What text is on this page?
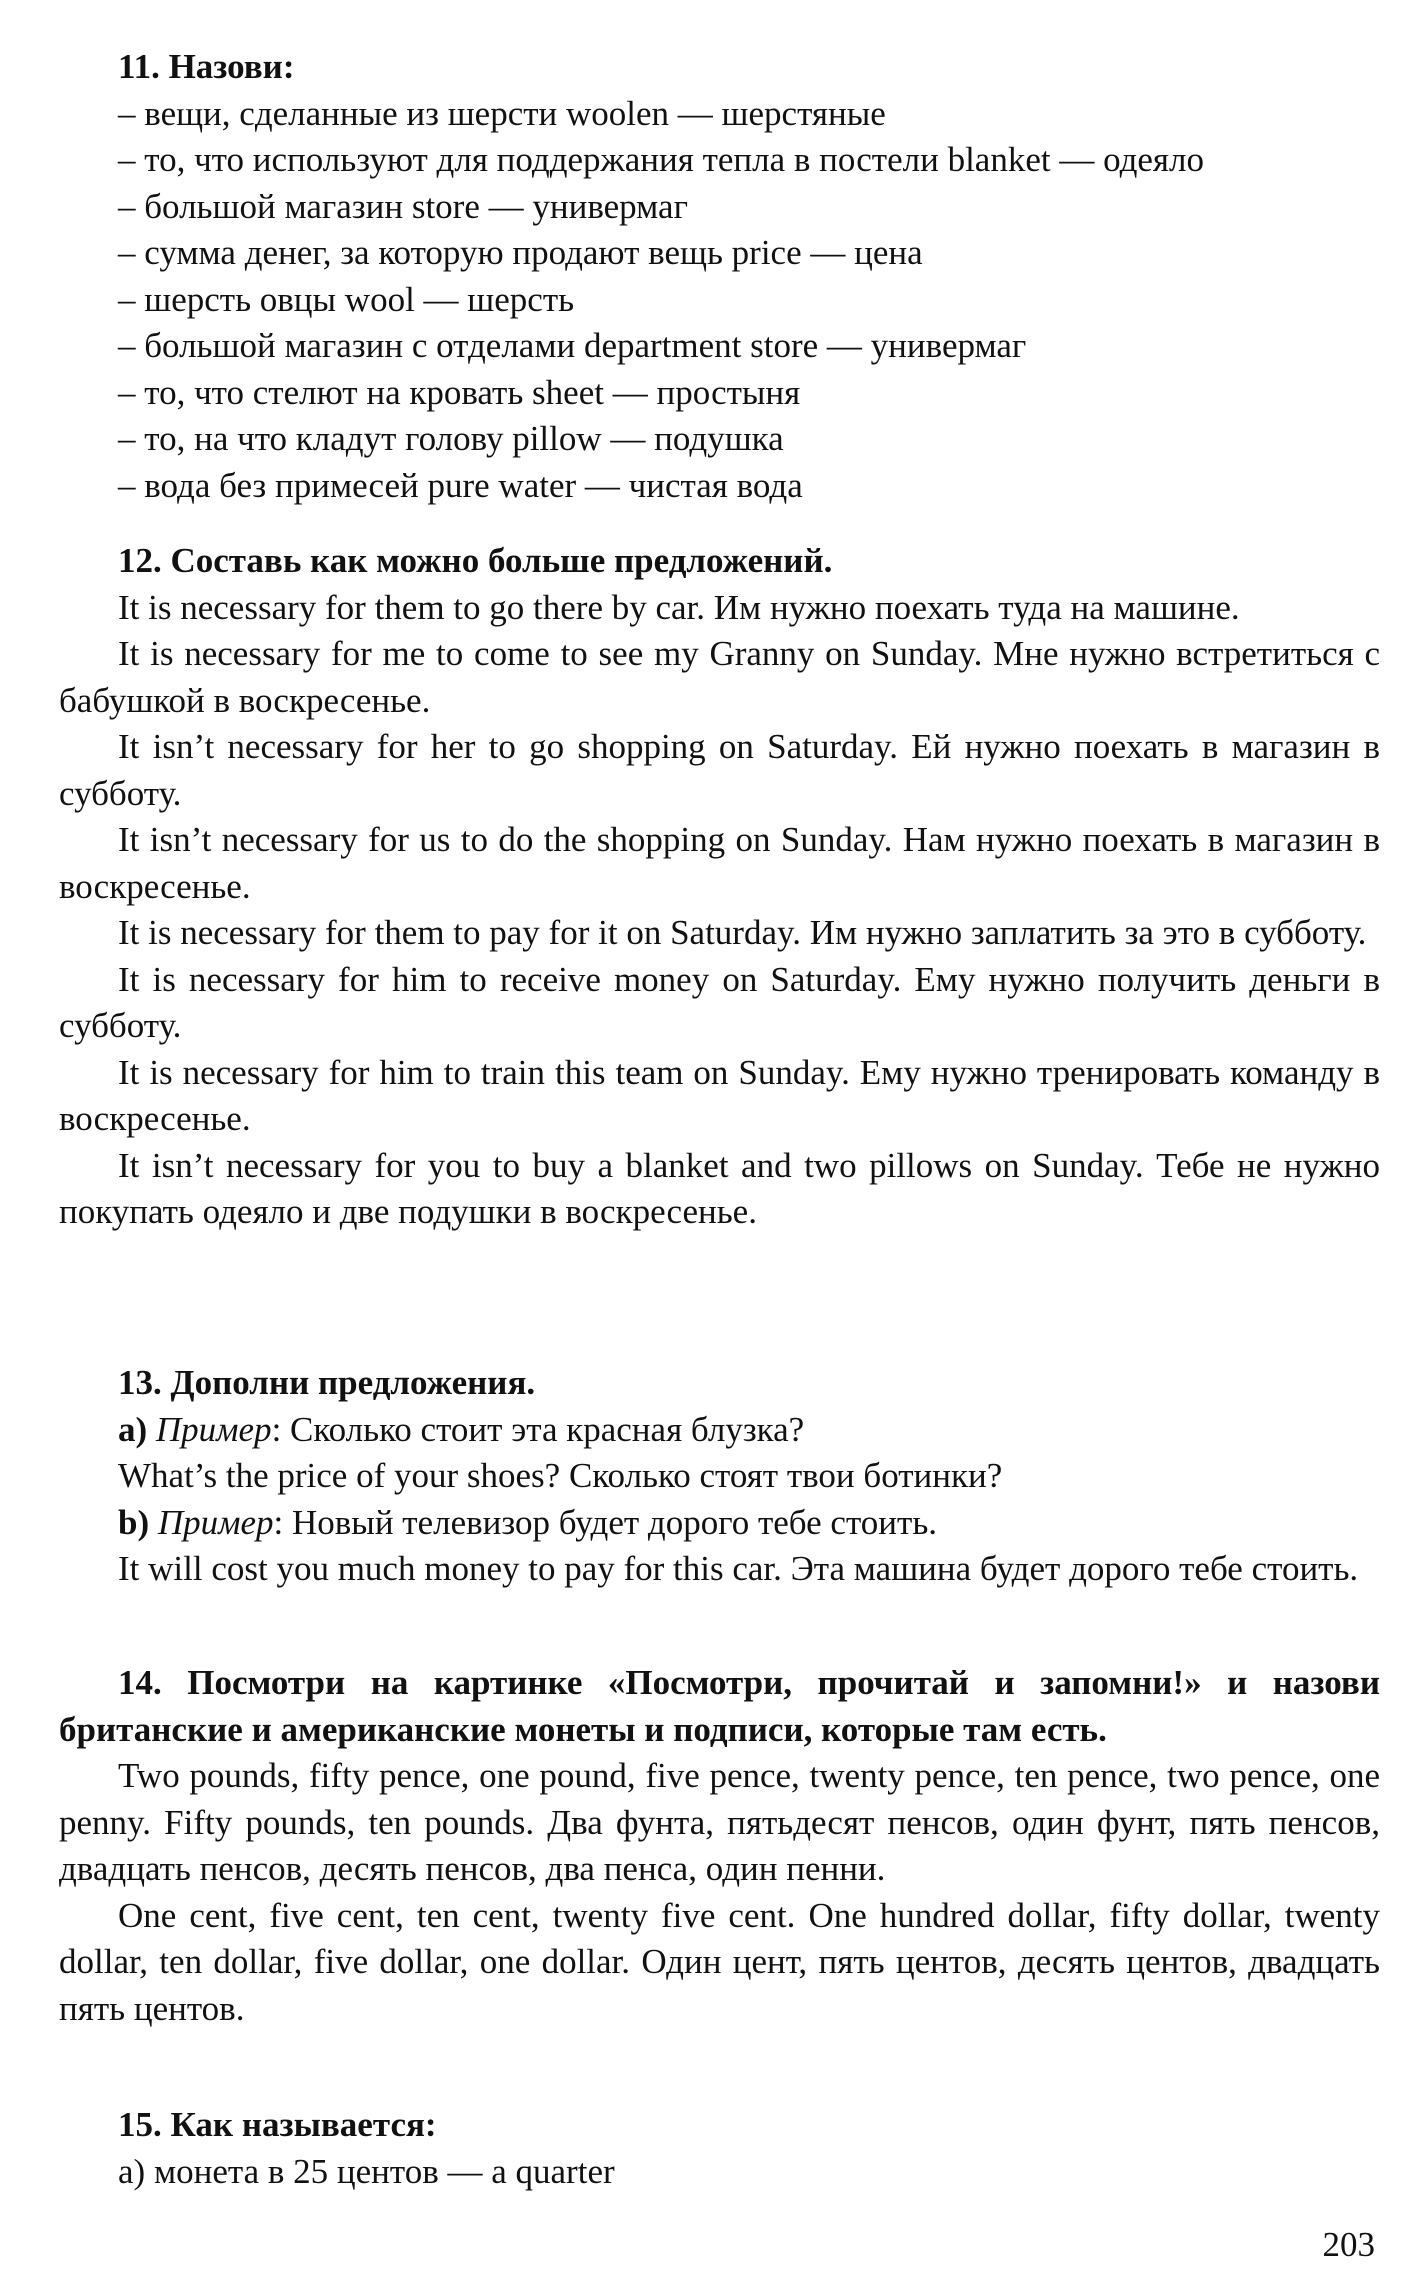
11. Назови:
– вещи, сделанные из шерсти woolen — шерстяные
– то, что используют для поддержания тепла в постели blanket — одеяло
– большой магазин store — универмаг
– сумма денег, за которую продают вещь price — цена
– шерсть овцы wool — шерсть
– большой магазин с отделами department store — универмаг
– то, что стелют на кровать sheet — простыня
– то, на что кладут голову pillow — подушка
– вода без примесей pure water — чистая вода
12. Составь как можно больше предложений.
It is necessary for them to go there by car. Им нужно поехать туда на машине.
It is necessary for me to come to see my Granny on Sunday. Мне нужно встретиться с бабушкой в воскресенье.
It isn’t necessary for her to go shopping on Saturday. Ей нужно поехать в магазин в субботу.
It isn’t necessary for us to do the shopping on Sunday. Нам нужно поехать в магазин в воскресенье.
It is necessary for them to pay for it on Saturday. Им нужно заплатить за это в субботу.
It is necessary for him to receive money on Saturday. Ему нужно получить деньги в субботу.
It is necessary for him to train this team on Sunday. Ему нужно тренировать команду в воскресенье.
It isn’t necessary for you to buy a blanket and two pillows on Sunday. Тебе не нужно покупать одеяло и две подушки в воскресенье.
13. Дополни предложения.
а) Пример: Сколько стоит эта красная блузка?
What’s the price of your shoes? Сколько стоят твои ботинки?
b) Пример: Новый телевизор будет дорого тебе стоить.
It will cost you much money to pay for this car. Эта машина будет дорого тебе стоить.
14. Посмотри на картинке «Посмотри, прочитай и запомни!» и назови британские и американские монеты и подписи, которые там есть.
Two pounds, fifty pence, one pound, five pence, twenty pence, ten pence, two pence, one penny. Fifty pounds, ten pounds. Два фунта, пятьдесят пенсов, один фунт, пять пенсов, двадцать пенсов, десять пенсов, два пенса, один пенни.
One cent, five cent, ten cent, twenty five cent. One hundred dollar, fifty dollar, twenty dollar, ten dollar, five dollar, one dollar. Один цент, пять центов, десять центов, двадцать пять центов.
15. Как называется:
а) монета в 25 центов — a quarter
203
